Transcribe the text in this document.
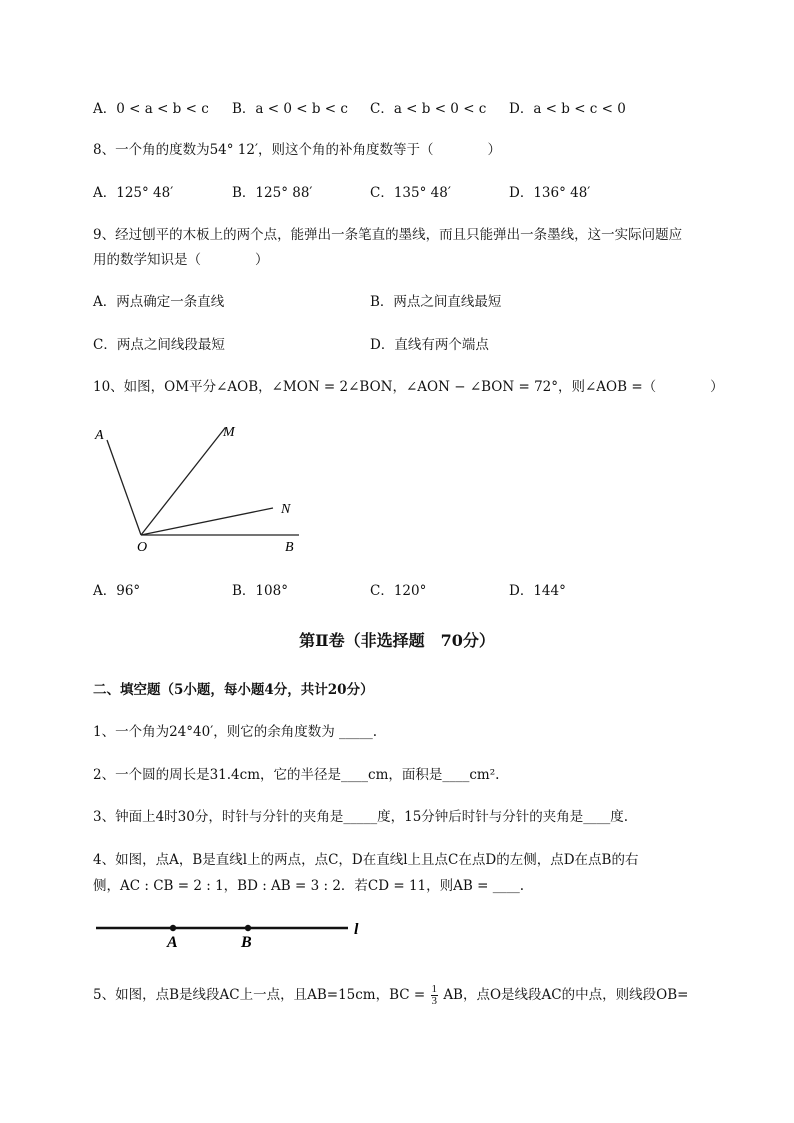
A．0 < a < b < c B．a < 0 < b < c C．a < b < 0 < c D．a < b < c < 0
8、一个角的度数为54° 12′，则这个角的补角度数等于（　　　　）
A．125° 48′	B．125° 88′	C．135° 48′	D．136° 48′
9、经过刨平的木板上的两个点，能弹出一条笔直的墨线，而且只能弹出一条墨线，这一实际问题应
用的数学知识是（　　　　）
A．两点确定一条直线	B．两点之间直线最短
C．两点之间线段最短	D．直线有两个端点
10、如图，OM平分∠AOB，∠MON = 2∠BON，∠AON − ∠BON = 72°，则∠AOB =（　　　　）
A	M
N
O	B
A．96°	B．108°	C．120°	D．144°
第Ⅱ卷（非选择题　70分）
二、填空题（5小题，每小题4分，共计20分）
1、一个角为24°40′，则它的余角度数为 _____.
2、一个圆的周长是31.4cm，它的半径是____cm，面积是____cm².
3、钟面上4时30分，时针与分针的夹角是_____度，15分钟后时针与分针的夹角是____度.
4、如图，点A，B是直线l上的两点，点C，D在直线l上且点C在点D的左侧，点D在点B的右
侧，AC : CB = 2 : 1，BD : AB = 3 : 2．若CD = 11，则AB = ____.
A	B
l
5、如图，点B是线段AC上一点，且AB=15cm，BC = $\frac{1}{3}$ AB，点O是线段AC的中点，则线段OB=
